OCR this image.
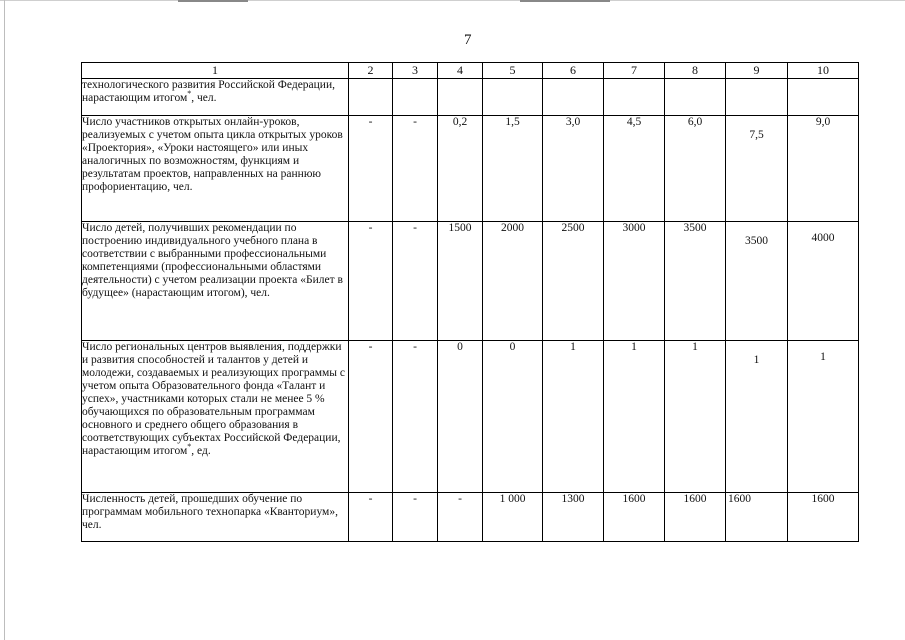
7
1	2	3	4	5	6	7	8	9	10
технологического развития Российской Федерации, нарастающим итогом*, чел.									
Число участников открытых онлайн-уроков, реализуемых с учетом опыта цикла открытых уроков «Проектория», «Уроки настоящего» или иных аналогичных по возможностям, функциям и результатам проектов, направленных на раннюю профориентацию, чел.	-	-	0,2	1,5	3,0	4,5	6,0	7,5	9,0
Число детей, получивших рекомендации по построению индивидуального учебного плана в соответствии с выбранными профессиональными компетенциями (профессиональными областями деятельности) с учетом реализации проекта «Билет в будущее» (нарастающим итогом), чел.	-	-	1500	2000	2500	3000	3500	3500	4000
Число региональных центров выявления, поддержки и развития способностей и талантов у детей и молодежи, создаваемых и реализующих программы с учетом опыта Образовательного фонда «Талант и успех», участниками которых стали не менее 5 % обучающихся по образовательным программам основного и среднего общего образования в соответствующих субъектах Российской Федерации, нарастающим итогом*, ед.	-	-	0	0	1	1	1	1	1
Численность детей, прошедших обучение по программам мобильного технопарка «Кванториум», чел.	-	-	-	1 000	1300	1600	1600	1600	1600
